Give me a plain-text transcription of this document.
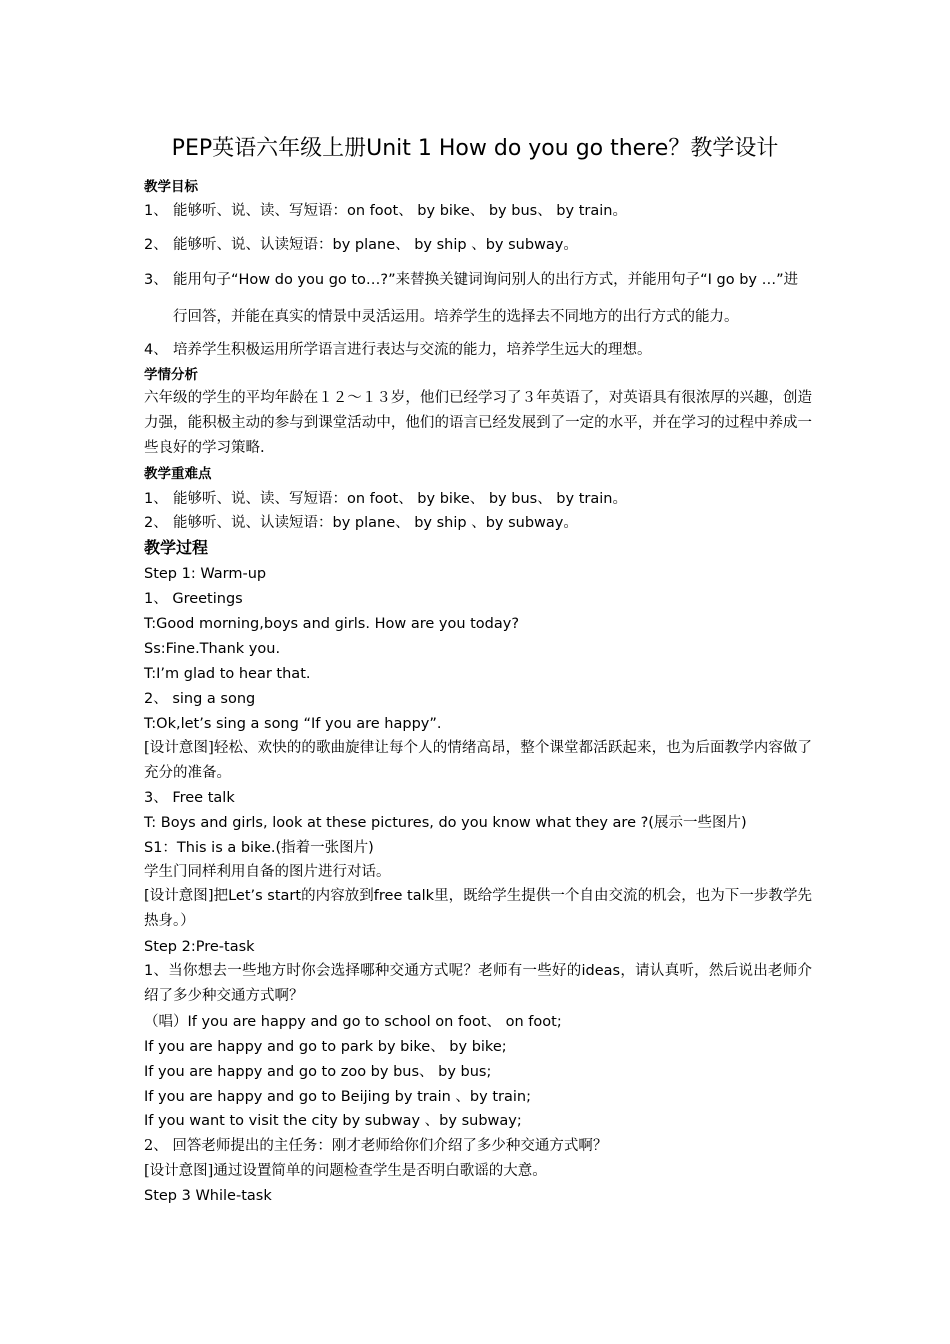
PEP英语六年级上册Unit 1 How do you go there？教学设计
教学目标
1、 能够听、说、读、写短语：on foot、 by bike、 by bus、 by train。
2、 能够听、说、认读短语：by plane、 by ship 、by subway。
3、 能用句子“How do you go to…?”来替换关键词询问别人的出行方式，并能用句子“I go by …”进
行回答，并能在真实的情景中灵活运用。培养学生的选择去不同地方的出行方式的能力。
4、 培养学生积极运用所学语言进行表达与交流的能力，培养学生远大的理想。
学情分析
六年级的学生的平均年龄在１２～１３岁，他们已经学习了３年英语了，对英语具有很浓厚的兴趣，创造力强，能积极主动的参与到课堂活动中，他们的语言已经发展到了一定的水平，并在学习的过程中养成一些良好的学习策略.
教学重难点
1、 能够听、说、读、写短语：on foot、 by bike、 by bus、 by train。
2、 能够听、说、认读短语：by plane、 by ship 、by subway。
教学过程
Step 1: Warm-up
1、 Greetings
T:Good morning,boys and girls. How are you today?
Ss:Fine.Thank you.
T:I’m glad to hear that.
2、 sing a song
T:Ok,let’s sing a song “If you are happy”.
[设计意图]轻松、欢快的的歌曲旋律让每个人的情绪高昂，整个课堂都活跃起来，也为后面教学内容做了充分的准备。
3、 Free talk
T: Boys and girls, look at these pictures, do you know what they are ?(展示一些图片)
S1：This is a bike.(指着一张图片)
学生门同样利用自备的图片进行对话。
[设计意图]把Let’s start的内容放到free talk里，既给学生提供一个自由交流的机会，也为下一步教学先热身。）
Step 2:Pre-task
1、当你想去一些地方时你会选择哪种交通方式呢？老师有一些好的ideas，请认真听，然后说出老师介绍了多少种交通方式啊？
（唱）If you are happy and go to school on foot、 on foot;
If you are happy and go to park by bike、 by bike;
If you are happy and go to zoo by bus、 by bus;
If you are happy and go to Beijing by train 、by train;
If you want to visit the city by subway 、by subway;
2、 回答老师提出的主任务：刚才老师给你们介绍了多少种交通方式啊？
[设计意图]通过设置简单的问题检查学生是否明白歌谣的大意。
Step 3 While-task
